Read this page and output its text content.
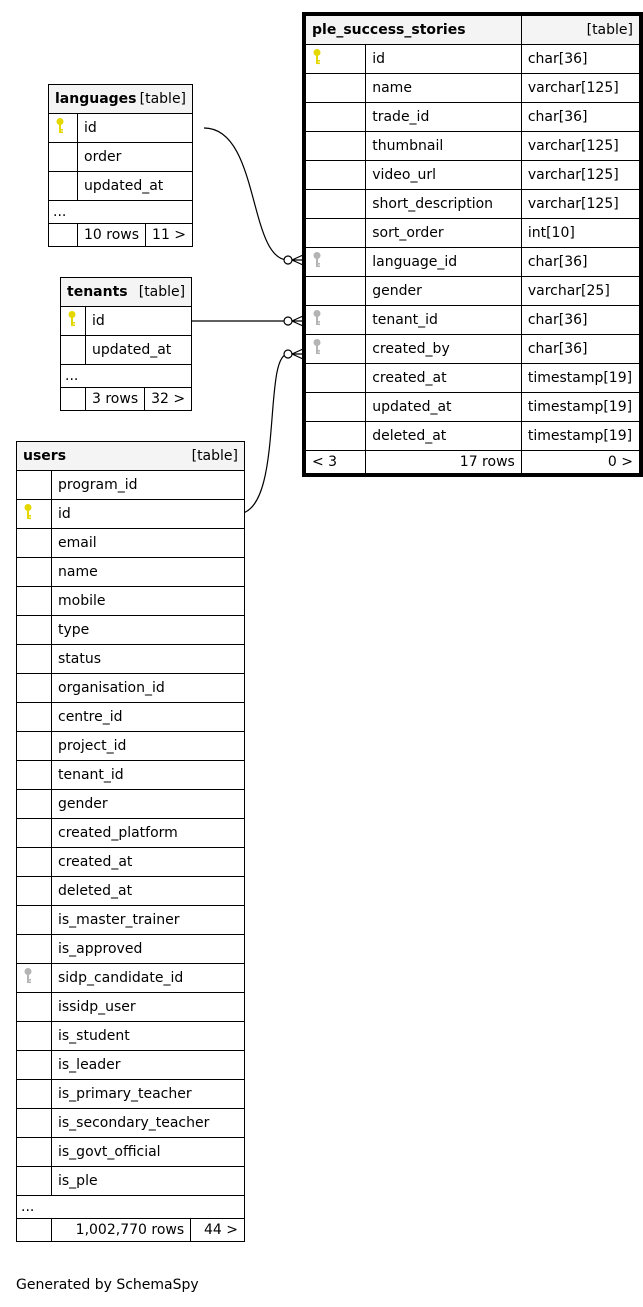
ple_success_stories		[table]
	id	char[36]
	name	varchar[125]
	trade_id	char[36]
	thumbnail	varchar[125]
	video_url	varchar[125]
	short_description	varchar[125]
	sort_order	int[10]
	language_id	char[36]
	gender	varchar[25]
	tenant_id	char[36]
	created_by	char[36]
	created_at	timestamp[19]
	updated_at	timestamp[19]
	deleted_at	timestamp[19]
< 3	17 rows	0 >
languages [table]		

	id	
	order	
	updated_at	
...		
	10 rows	11 >
tenants [table]		

	id	
	updated_at	
...		
	3 rows	32 >
users [table]		

	program_id	
	id	
	email	
	name	
	mobile	
	type	
	status	
	organisation_id	
	centre_id	
	project_id	
	tenant_id	
	gender	
	created_platform	
	created_at	
	deleted_at	
	is_master_trainer	
	is_approved	
	sidp_candidate_id	
	issidp_user	
	is_student	
	is_leader	
	is_primary_teacher	
	is_secondary_teacher	
	is_govt_official	
	is_ple	
...		
	1,002,770 rows	44 >
Generated by SchemaSpy
